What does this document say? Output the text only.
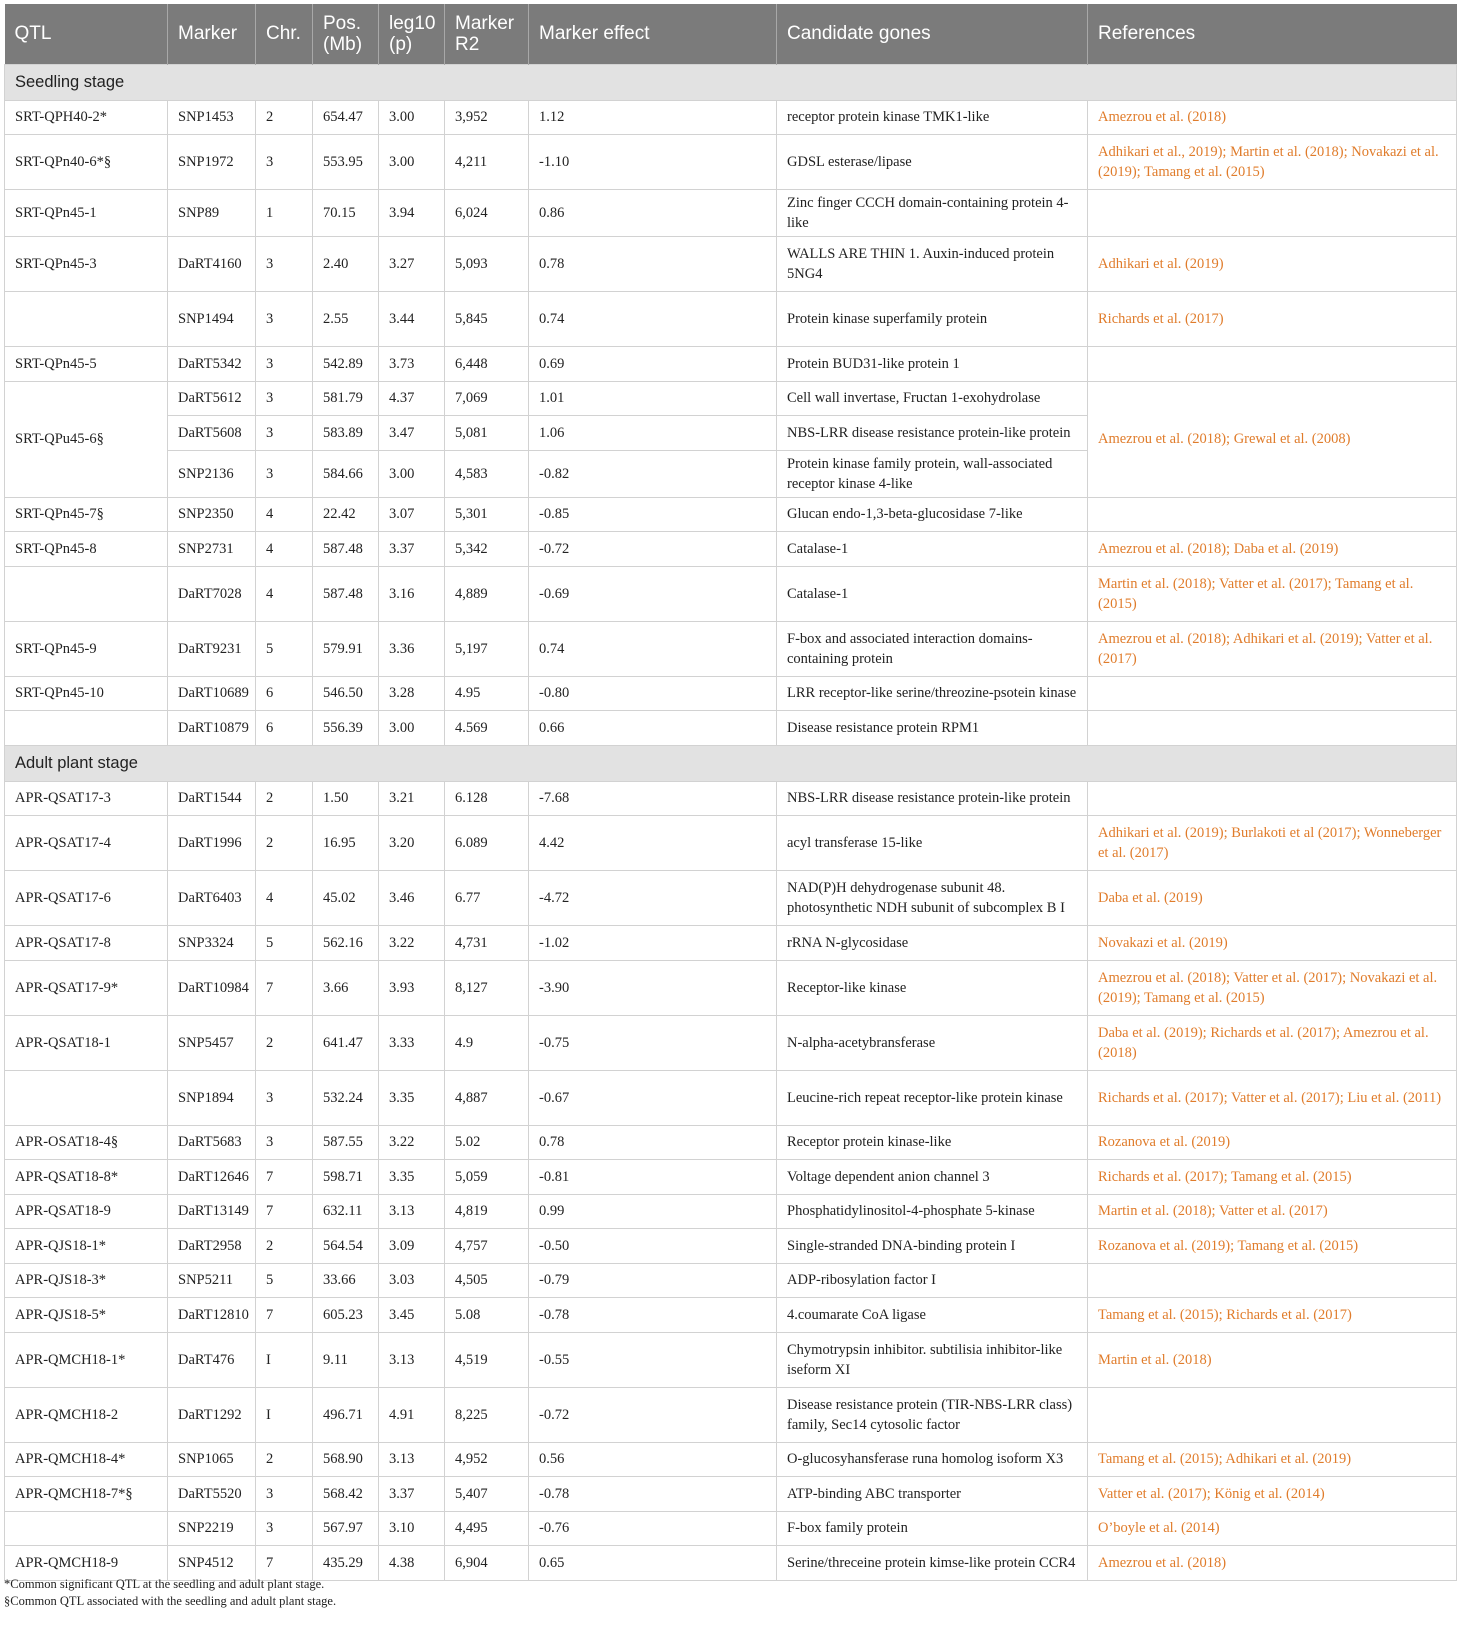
QTL	Marker	Chr.	Pos. (Mb)	leg10 (p)	Marker R2	Marker effect	Candidate gones	References
Seedling stage								
SRT-QPH40-2*	SNP1453	2	654.47	3.00	3,952	1.12	receptor protein kinase TMK1-like	Amezrou et al. (2018)
SRT-QPn40-6*§	SNP1972	3	553.95	3.00	4,211	-1.10	GDSL esterase/lipase	Adhikari et al., 2019); Martin et al. (2018); Novakazi et al. (2019); Tamang et al. (2015)
SRT-QPn45-1	SNP89	1	70.15	3.94	6,024	0.86	Zinc finger CCCH domain-containing protein 4-like	
SRT-QPn45-3	DaRT4160	3	2.40	3.27	5,093	0.78	WALLS ARE THIN 1. Auxin-induced protein 5NG4	Adhikari et al. (2019)
	SNP1494	3	2.55	3.44	5,845	0.74	Protein kinase superfamily protein	Richards et al. (2017)
SRT-QPn45-5	DaRT5342	3	542.89	3.73	6,448	0.69	Protein BUD31-like protein 1	
SRT-QPu45-6§	DaRT5612	3	581.79	4.37	7,069	1.01	Cell wall invertase, Fructan 1-exohydrolase	Amezrou et al. (2018); Grewal et al. (2008)
	DaRT5608	3	583.89	3.47	5,081	1.06	NBS-LRR disease resistance protein-like protein	
	SNP2136	3	584.66	3.00	4,583	-0.82	Protein kinase family protein, wall-associated receptor kinase 4-like	
SRT-QPn45-7§	SNP2350	4	22.42	3.07	5,301	-0.85	Glucan endo-1,3-beta-glucosidase 7-like	
SRT-QPn45-8	SNP2731	4	587.48	3.37	5,342	-0.72	Catalase-1	Amezrou et al. (2018); Daba et al. (2019)
	DaRT7028	4	587.48	3.16	4,889	-0.69	Catalase-1	Martin et al. (2018); Vatter et al. (2017); Tamang et al. (2015)
SRT-QPn45-9	DaRT9231	5	579.91	3.36	5,197	0.74	F-box and associated interaction domains-containing protein	Amezrou et al. (2018); Adhikari et al. (2019); Vatter et al. (2017)
SRT-QPn45-10	DaRT10689	6	546.50	3.28	4.95	-0.80	LRR receptor-like serine/threozine-psotein kinase	
	DaRT10879	6	556.39	3.00	4.569	0.66	Disease resistance protein RPM1	
Adult plant stage								
APR-QSAT17-3	DaRT1544	2	1.50	3.21	6.128	-7.68	NBS-LRR disease resistance protein-like protein	
APR-QSAT17-4	DaRT1996	2	16.95	3.20	6.089	4.42	acyl transferase 15-like	Adhikari et al. (2019); Burlakoti et al (2017); Wonneberger et al. (2017)
APR-QSAT17-6	DaRT6403	4	45.02	3.46	6.77	-4.72	NAD(P)H dehydrogenase subunit 48. photosynthetic NDH subunit of subcomplex B I	Daba et al. (2019)
APR-QSAT17-8	SNP3324	5	562.16	3.22	4,731	-1.02	rRNA N-glycosidase	Novakazi et al. (2019)
APR-QSAT17-9*	DaRT10984	7	3.66	3.93	8,127	-3.90	Receptor-like kinase	Amezrou et al. (2018); Vatter et al. (2017); Novakazi et al. (2019); Tamang et al. (2015)
APR-QSAT18-1	SNP5457	2	641.47	3.33	4.9	-0.75	N-alpha-acetybransferase	Daba et al. (2019); Richards et al. (2017); Amezrou et al. (2018)
	SNP1894	3	532.24	3.35	4,887	-0.67	Leucine-rich repeat receptor-like protein kinase	Richards et al. (2017); Vatter et al. (2017); Liu et al. (2011)
APR-OSAT18-4§	DaRT5683	3	587.55	3.22	5.02	0.78	Receptor protein kinase-like	Rozanova et al. (2019)
APR-QSAT18-8*	DaRT12646	7	598.71	3.35	5,059	-0.81	Voltage dependent anion channel 3	Richards et al. (2017); Tamang et al. (2015)
APR-QSAT18-9	DaRT13149	7	632.11	3.13	4,819	0.99	Phosphatidylinositol-4-phosphate 5-kinase	Martin et al. (2018); Vatter et al. (2017)
APR-QJS18-1*	DaRT2958	2	564.54	3.09	4,757	-0.50	Single-stranded DNA-binding protein I	Rozanova et al. (2019); Tamang et al. (2015)
APR-QJS18-3*	SNP5211	5	33.66	3.03	4,505	-0.79	ADP-ribosylation factor I	
APR-QJS18-5*	DaRT12810	7	605.23	3.45	5.08	-0.78	4.coumarate CoA ligase	Tamang et al. (2015); Richards et al. (2017)
APR-QMCH18-1*	DaRT476	I	9.11	3.13	4,519	-0.55	Chymotrypsin inhibitor. subtilisia inhibitor-like iseform XI	Martin et al. (2018)
APR-QMCH18-2	DaRT1292	I	496.71	4.91	8,225	-0.72	Disease resistance protein (TIR-NBS-LRR class) family, Sec14 cytosolic factor	
APR-QMCH18-4*	SNP1065	2	568.90	3.13	4,952	0.56	O-glucosyhansferase runa homolog isoform X3	Tamang et al. (2015); Adhikari et al. (2019)
APR-QMCH18-7*§	DaRT5520	3	568.42	3.37	5,407	-0.78	ATP-binding ABC transporter	Vatter et al. (2017); König et al. (2014)
	SNP2219	3	567.97	3.10	4,495	-0.76	F-box family protein	O’boyle et al. (2014)
APR-QMCH18-9	SNP4512	7	435.29	4.38	6,904	0.65	Serine/threceine protein kimse-like protein CCR4	Amezrou et al. (2018)
*Common significant QTL at the seedling and adult plant stage.
§Common QTL associated with the seedling and adult plant stage.
